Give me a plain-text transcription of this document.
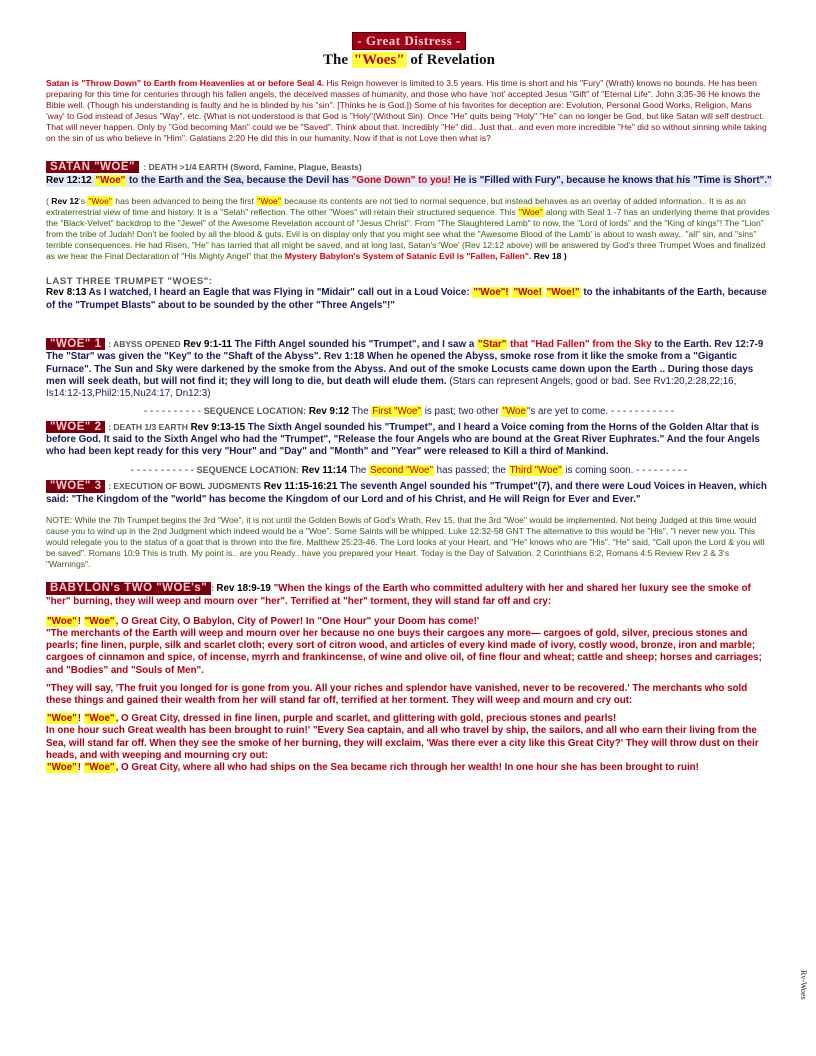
- Great Distress -
The "Woes" of Revelation
Satan is "Throw Down" to Earth from Heavenlies at or before Seal 4. His Reign however is limited to 3.5 years. His time is short and his "Fury" (Wrath) knows no bounds. He has been preparing for this time for centuries through his fallen angels, the deceived masses of humanity, and those who have 'not' accepted Jesus "Gift" of "Eternal Life". John 3:35-36 He knows the Bible well. (Though his understanding is faulty and he is blinded by his "sin". [Thinks he is God.]) Some of his favorites for deception are: Evolution, Personal Good Works, Religion, Mans 'way' to God instead of Jesus "Way", etc. {What is not understood is that God is "Holy"(Without Sin). Once "He" quits being "Holy" "He" can no longer be God, but like Satan will self destruct. That will never happen. Only by "God becoming Man" could we be "Saved". Think about that. Incredibly "He" did.. Just that.. and even more incredible "He" did so without sinning while taking on the sin of us who believe in "Him". Galatians 2:20 He did this in our humanity. Now if that is not Love then what is?
SATAN "WOE" : DEATH >1/4 EARTH (Sword, Famine, Plague, Beasts)
Rev 12:12 "Woe" to the Earth and the Sea, because the Devil has "Gone Down" to you! He is "Filled with Fury", because he knows that his "Time is Short"."
( Rev 12's "Woe" has been advanced to being the first "Woe" because its contents are not tied to normal sequence, but instead behaves as an overlay of added information.. It is as an extraterrestrial view of time and history. It is a "Selah" reflection. The other "Woes" will retain their structured sequence. This "Woe" along with Seal 1 -7 has an underlying theme that provides the "Black-Velvet" backdrop to the "Jewel" of the Awesome Revelation account of "Jesus Christ". From "The Slaughtered Lamb" to now, the "Lord of lords" and the "King of kings"! The "Lion" from the tribe of Judah! Don't be fooled by all the blood & guts. Evil is on display only that you might see what the "Awesome Blood of the Lamb' is about to wash away.. "all" sin, and "sins" terrible consequences. He had Risen, "He" has tarried that all might be saved, and at long last, Satan's 'Woe' (Rev 12:12 above) will be answered by God's three Trumpet Woes and finalized as we hear the Final Declaration of "His Mighty Angel" that the Mystery Babylon's System of Satanic Evil is "Fallen, Fallen". Rev 18 )
LAST THREE TRUMPET "WOES":
Rev 8:13 As I watched, I heard an Eagle that was Flying in "Midair" call out in a Loud Voice: "'Woe"! "Woe! "Woe!" to the inhabitants of the Earth, because of the "Trumpet Blasts" about to be sounded by the other "Three Angels"!"
"WOE" 1 : ABYSS OPENED Rev 9:1-11 The Fifth Angel sounded his "Trumpet", and I saw a "Star" that "Had Fallen" from the Sky to the Earth. Rev 12:7-9 The "Star" was given the "Key" to the "Shaft of the Abyss". Rev 1:18 When he opened the Abyss, smoke rose from it like the smoke from a "Gigantic Furnace". The Sun and Sky were darkened by the smoke from the Abyss. And out of the smoke Locusts came down upon the Earth .. During those days men will seek death, but will not find it; they will long to die, but death will elude them. (Stars can represent Angels, good or bad. See Rv1:20,2:28,22;16, Is14:12-13,Phil2:15,Nu24:17, Dn12:3)
- - - - - - - - - - SEQUENCE LOCATION: Rev 9:12 The First "Woe" is past; two other "Woe"s are yet to come. - - - - - - - - - - -
"WOE" 2 : DEATH 1/3 EARTH Rev 9:13-15 The Sixth Angel sounded his "Trumpet", and I heard a Voice coming from the Horns of the Golden Altar that is before God. It said to the Sixth Angel who had the "Trumpet", "Release the four Angels who are bound at the Great River Euphrates." And the four Angels who had been kept ready for this very "Hour" and "Day" and "Month" and "Year" were released to Kill a third of Mankind.
- - - - - - - - - - - SEQUENCE LOCATION: Rev 11:14 The Second "Woe" has passed; the Third "Woe" is coming soon. - - - - - - - - -
"WOE" 3 : EXECUTION OF BOWL JUDGMENTS Rev 11:15-16:21 The seventh Angel sounded his "Trumpet"(7), and there were Loud Voices in Heaven, which said: "The Kingdom of the "world" has become the Kingdom of our Lord and of his Christ, and He will Reign for Ever and Ever."
NOTE: While the 7th Trumpet begins the 3rd "Woe", it is not until the Golden Bowls of God's Wrath, Rev 15, that the 3rd "Woe" would be implemented. Not being Judged at this time would cause you to wind up in the 2nd Judgment which indeed would be a "Woe". Some Saints will be whipped. Luke 12:32-58 GNT The alternative to this would be "His", "I never new you. This would relegate you to the status of a goat that is thrown into the fire. Matthew 25:23-46. The Lord looks at your Heart, and "He" knows who are "His". "He" said, "Call upon the Lord & you will be saved". Romans 10:9 This is truth. My point is.. are you Ready.. have you prepared your Heart. Today is the Day of Salvation. 2 Corinthians 6:2, Romans 4:5 Review Rev 2 & 3's "Warnings".
BABYLON's TWO "WOE's" : Rev 18:9-19 "When the kings of the Earth who committed adultery with her and shared her luxury see the smoke of "her" burning, they will weep and mourn over "her". Terrified at "her" torment, they will stand far off and cry:

"Woe"! "Woe", O Great City, O Babylon, City of Power! In "One Hour" your Doom has come!'
"The merchants of the Earth will weep and mourn over her because no one buys their cargoes any more— cargoes of gold, silver, precious stones and pearls; fine linen, purple, silk and scarlet cloth; every sort of citron wood, and articles of every kind made of ivory, costly wood, bronze, iron and marble; cargoes of cinnamon and spice, of incense, myrrh and frankincense, of wine and olive oil, of fine flour and wheat; cattle and sheep; horses and carriages; and "Bodies" and "Souls of Men".

"They will say, 'The fruit you longed for is gone from you. All your riches and splendor have vanished, never to be recovered.' The merchants who sold these things and gained their wealth from her will stand far off, terrified at her torment. They will weep and mourn and cry out:

"Woe"! "Woe", O Great City, dressed in fine linen, purple and scarlet, and glittering with gold, precious stones and pearls!
In one hour such Great wealth has been brought to ruin!' "Every Sea captain, and all who travel by ship, the sailors, and all who earn their living from the Sea, will stand far off. When they see the smoke of her burning, they will exclaim, 'Was there ever a city like this Great City?' They will throw dust on their heads, and with weeping and mourning cry out:
"Woe"! "Woe", O Great City, where all who had ships on the Sea became rich through her wealth! In one hour she has been brought to ruin!

Rv-Woes
